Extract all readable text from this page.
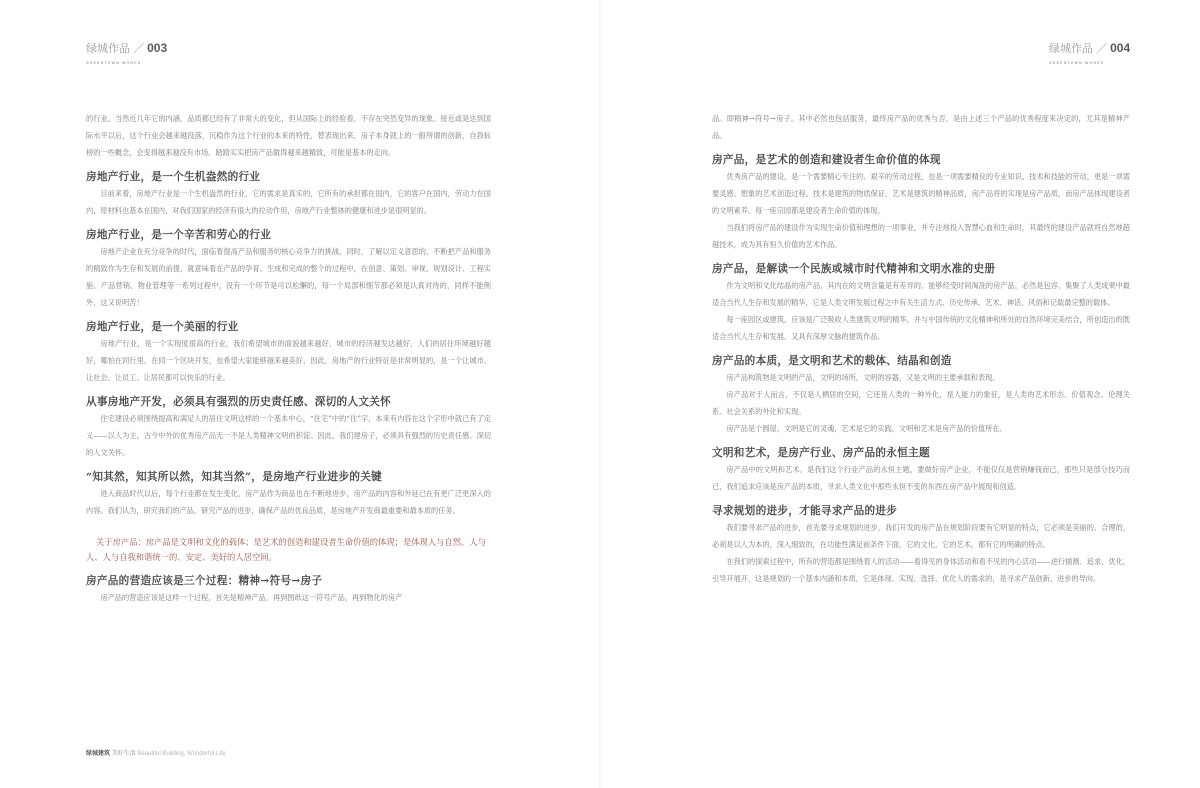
绿城作品 ／ 003
GREENTOWN WORKS

的行业。当然近几年它的内涵、品质都已经有了非常大的变化，但从国际上的经验看，不存在突然变异的现象。接近或是达到国际水平以后，这个行业会越来越没落，沉稳作为这个行业的本来的特性，替表现出来，房子本身就上的一般所谓的创新，自我标榜的一些概念，会变得越来越没有市场。踏踏实实把房产品做得越来越精致，可能是基本的走向。

房地产行业，是一个生机盎然的行业

目前来看，房地产行业是一个生机盎然的行业，它的需求是真实的，它所有的承担都在国内，它的客户在国内，劳动力在国内，原材料也基本在国内，对我们国家的经济有很大的拉动作用，房地产行业整体的健康和进步是很明显的。

房地产行业，是一个辛苦和劳心的行业

房地产企业在充分竞争的时代，面临着提高产品和服务的核心竞争力的挑战，同时，了解以定义意思的，不断把产品和服务的精致作为生存和发展的前提，就意味着在产品的孕育、生成和完成的整个的过程中，在创意、策划、审视、规划设计、工程实施、产品营销、物业管理等一系列过程中，没有一个环节是可以松懈的，每一个局部和细节都必须是认真对待的，同样不能例外，这又说明苦！

房地产行业，是一个美丽的行业

房地产行业，是一个实现度很高的行业，我们希望城市的面貌越来越好，城市的经济越发达越好，人们的居住环境越好越好，哪怕在同行里，在同一个区块开发，也希望大家能够越来越美好，因此，房地产的行业特征是非常明显的，是一个让城市、让社会、让员工、让居民都可以快乐的行业。

从事房地产开发，必须具有强烈的历史责任感、深切的人文关怀

住宅建设必须围绕提高和满足人的居住文明这样的一个基本中心，“住宅”中的“住”字，本来有内容在这个字形中就已有了定义——以人为主，古今中外的优秀房产品无一不是人类精神文明的积淀。因此，我们建房子，必须具有强烈的历史责任感、深切的人文关怀。

“知其然，知其所以然，知其当然”，是房地产行业进步的关键

进入商品时代以后，每个行业都在发生变化，房产品作为商品也在不断地进步，房产品的内容和外延已在有更广泛更深入的内容。我们认为，研究我们的产品，研究产品的进步，确保产品的优良品质，是房地产开发商最重要和最本质的任务。

关于房产品：房产品是文明和文化的载体；是艺术的创造和建设者生命价值的体现；是体现人与自然、人与人、人与自我和谐统一的、安定、美好的人居空间。

房产品的营造应该是三个过程：精神→符号→房子

房产品的营造应该是这样一个过程，首先是精神产品，再到图纸这一符号产品，再到物化的房产

绿城建筑 美好生活 Beautiful Building, Wonderful Life
绿城作品 ／ 004
GREENTOWN WORKS

品。即精神→符号→房子。其中必然也包括服务，最终房产品的优秀与否，是由上述三个产品的优秀程度来决定的，尤其是精神产品。

房产品，是艺术的创造和建设者生命价值的体现

优秀房产品的建设，是一个需要精心专注的、艰辛的劳动过程，也是一项需要精良的专业知识、技术和技能的劳动，更是一项需要灵感、想象的艺术创造过程。技术是建筑的物质保证，艺术是建筑的精神品质，房产品将的实现是房产品质，而房产品体现建设者的文明素养。每一座宗园都是建设者生命价值的体现。

当我们将房产品的建设作为实现生命价值和理想的一项事业，并专注地投入智慧心血和生命时，其最终的建设产品就将自然地超越技术，成为具有恒久价值的艺术作品。

房产品，是解读一个民族或城市时代精神和文明水准的史册

作为文明和文化结晶的房产品，其内在的文明含量是有差异的。能够经受时间淘洗的房产品，必然是包容、集聚了人类成果中最适合当代人生存和发展的精华，它是人类文明发展过程之中有关生活方式、历史传承、艺术、神话、风俗和记载最完整的载体。

每一座园区或建筑，应该是广泛吸收人类建筑文明的精华，并与中国传统的文化精神和所处的自然环境完美结合，所创造出的既适合当代人生存和发展、又具有深厚文脉的建筑作品。

房产品的本质，是文明和艺术的载体、结晶和创造

房产品构筑物是文明的产品，文明的场所，文明的容器，又是文明的主要承载和表现。

房产品对于人而言，不仅是人栖居的空间，它还是人类的一种外化，是人能力的象征，是人类的艺术形态、价值观念、伦理关系、社会关系的外化和实现。

房产品是个圆屋，文明是它的灵魂，艺术是它的实践，文明和艺术是房产品的价值所在。

文明和艺术，是房产行业、房产品的永恒主题

房产品中的文明和艺术，是我们这个行业产品的永恒主题，要做好房产企业，不能仅仅是营销赚钱而已，那些只是部分技巧而已，我们追求应该是房产品的本质，寻求人类文化中那些永恒不变的东西在房产品中展现和创造。

寻求规划的进步，才能寻求产品的进步

我们要寻求产品的进步，首先要寻求规划的进步，我们开发的房产品在规划阶段要有它明显的特点，它必须是美丽的、合理的，必须是以人为本的，深入细致的，在功能性满足前条件下面，它的文化，它的艺术，都有它的明确的特点。

在我们的探索过程中，所有的营造都是围绕着人的活动——看得见的身体活动和看不见的内心活动——进行描测、追求、优化，引导开展开，这是规划的一个基本内涵和本质，它是体现、实现、选择、优化人的需求的，是寻求产品创新、进步的导向。
